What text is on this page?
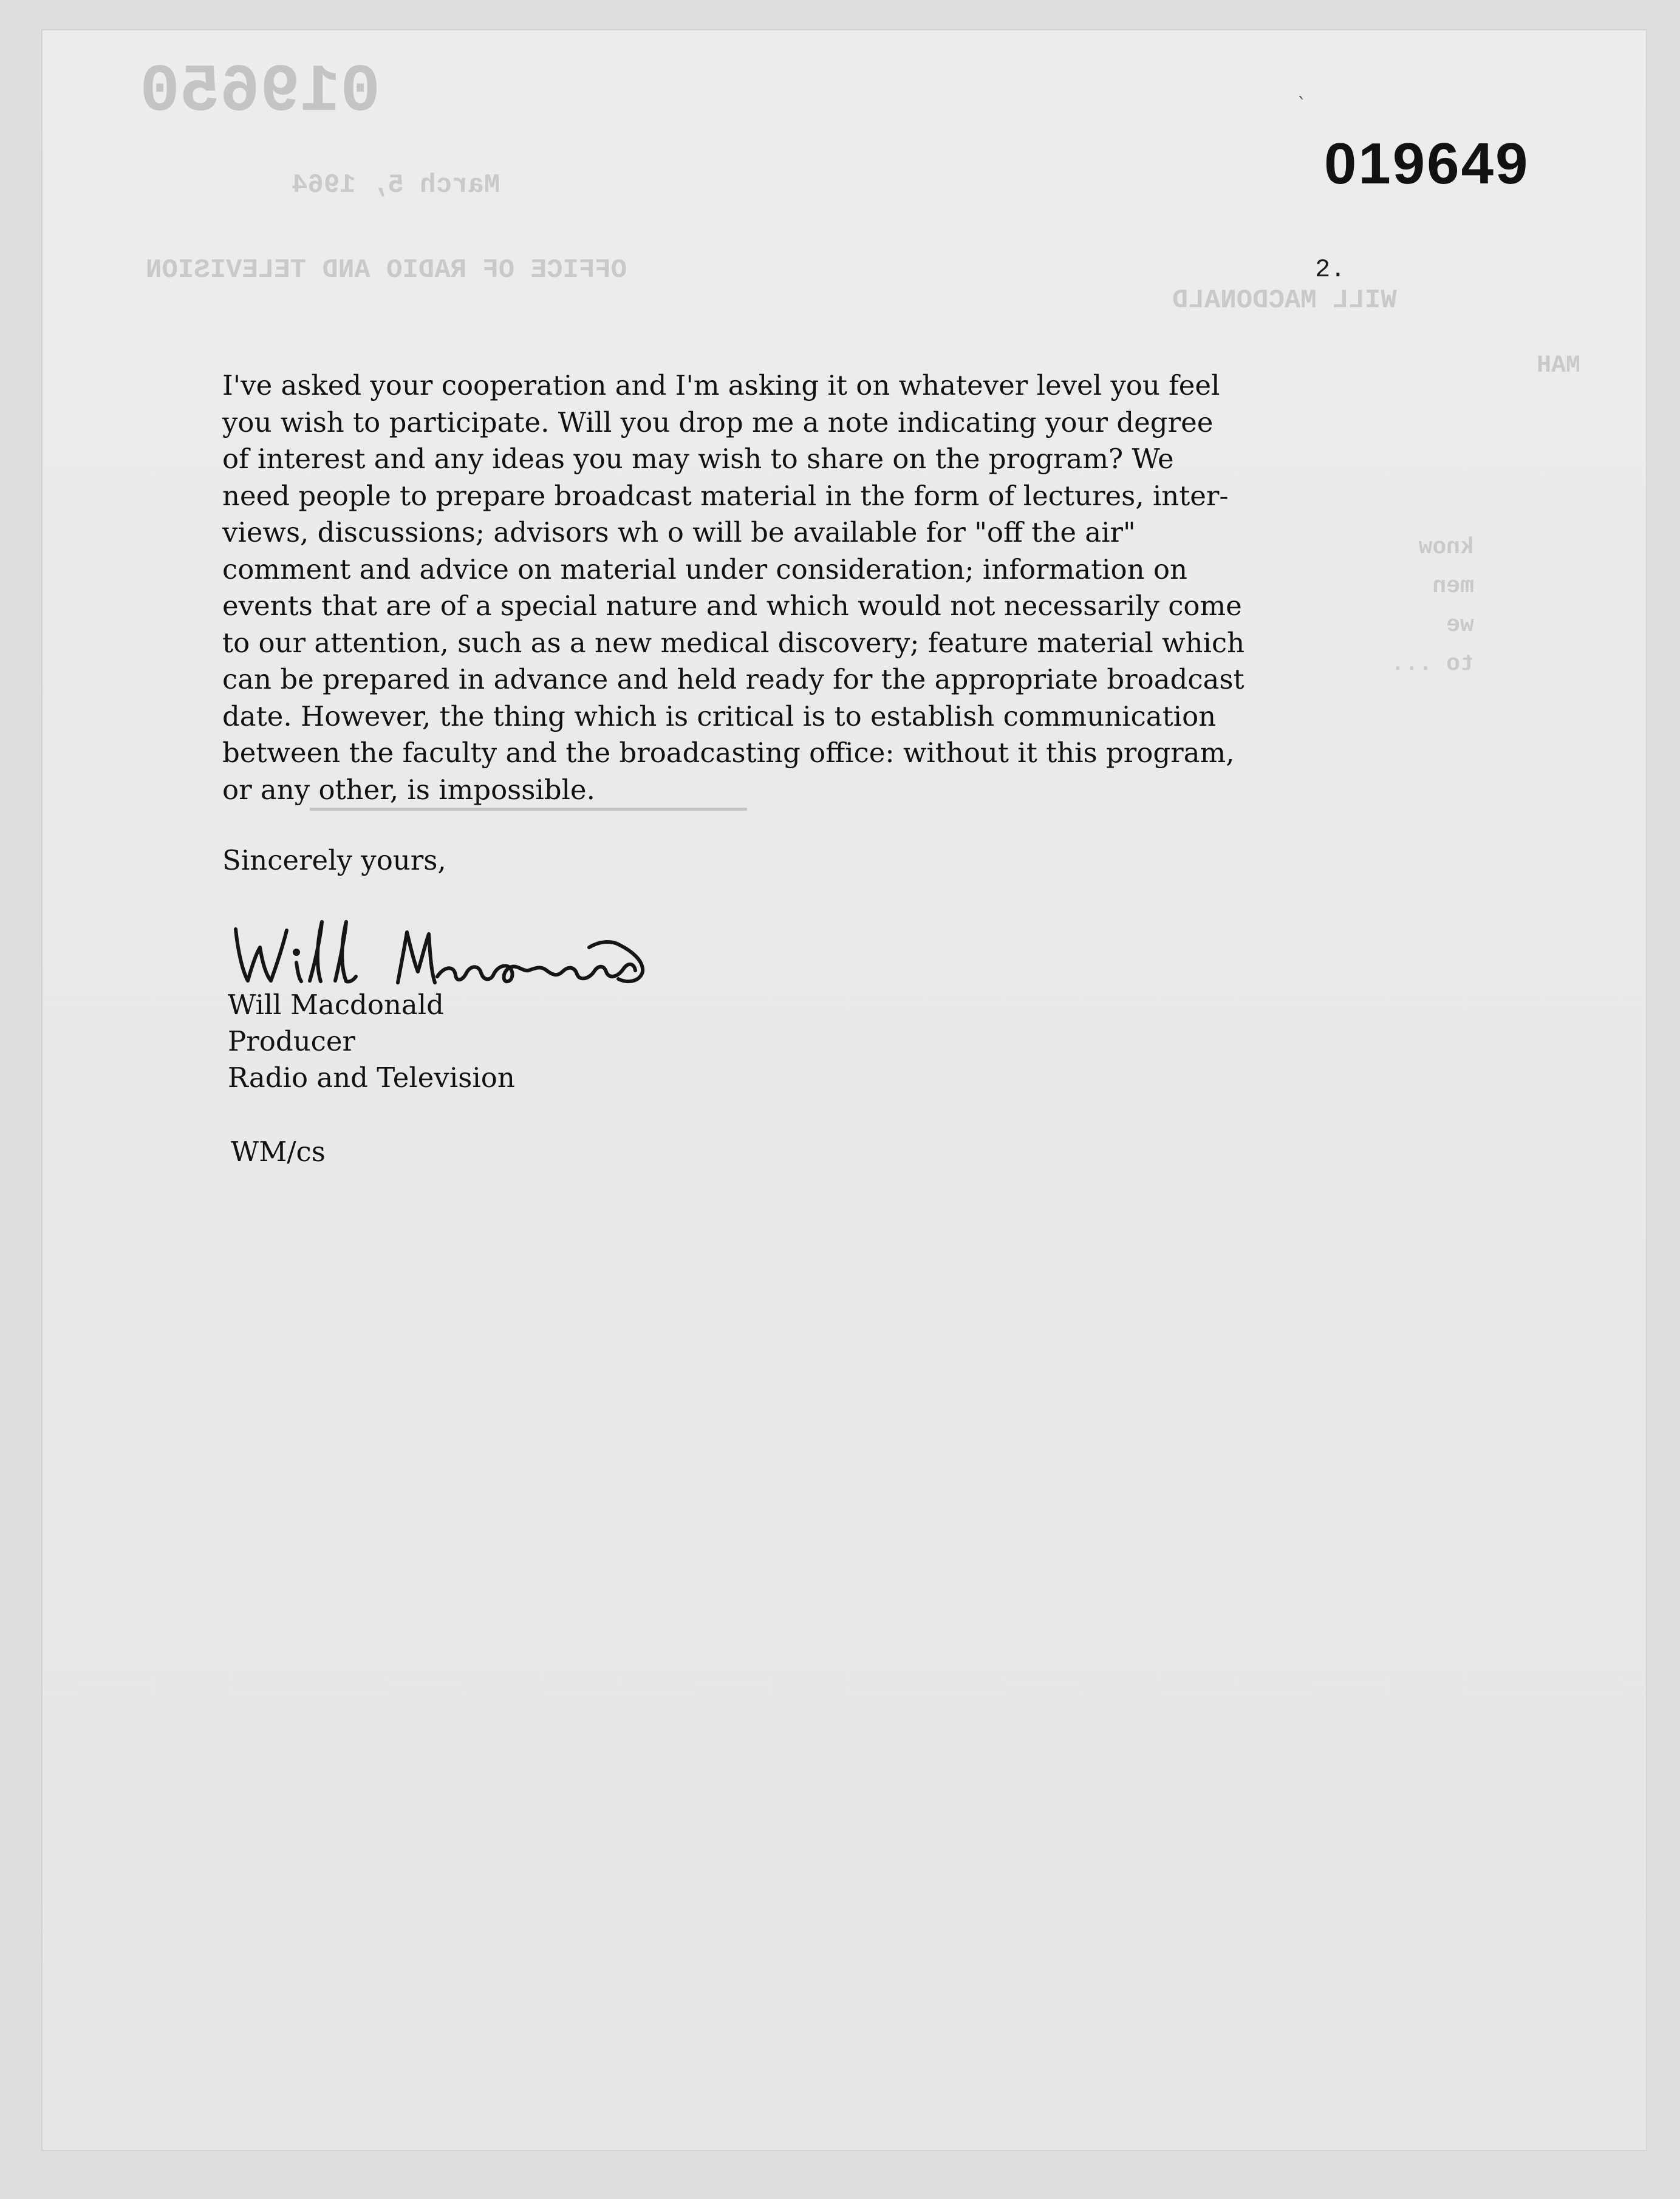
019650
March 5, 1964
OFFICE OF RADIO AND TELEVISION
WILL MACDONALD
MAH
know
men
we
to ...
`
019649
2.
I've asked your cooperation and I'm asking it on whatever level you feel
you wish to participate. Will you drop me a note indicating your degree
of interest and any ideas you may wish to share on the program? We
need people to prepare broadcast material in the form of lectures, inter-
views, discussions; advisors wh o will be available for "off the air"
comment and advice on material under consideration; information on
events that are of a special nature and which would not necessarily come
to our attention, such as a new medical discovery; feature material which
can be prepared in advance and held ready for the appropriate broadcast
date. However, the thing which is critical is to establish communication
between the faculty and the broadcasting office: without it this program,
or any other, is impossible.
Sincerely yours,
Will Macdonald
Producer
Radio and Television
WM/cs
